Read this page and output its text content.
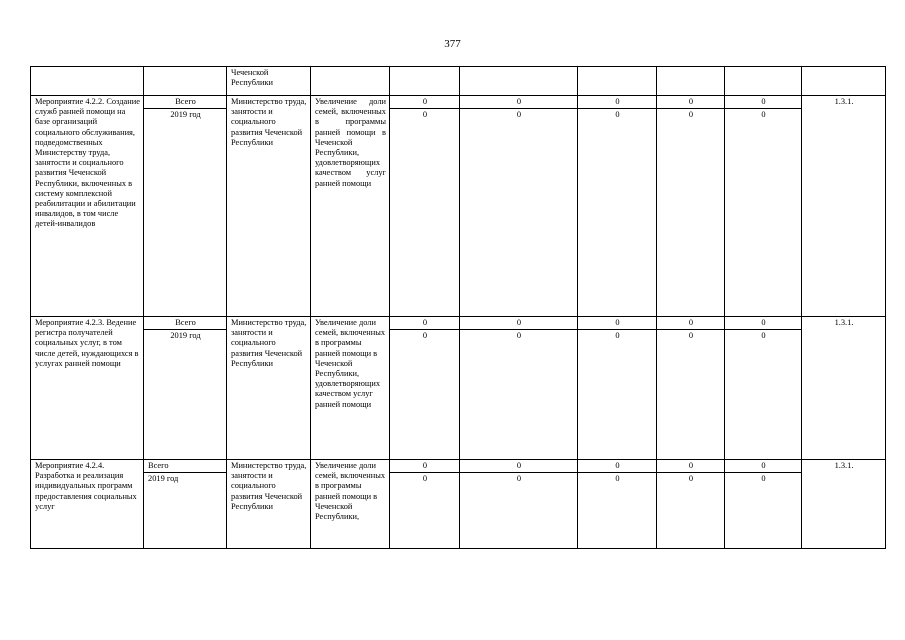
377
		Чеченской Республики							
Мероприятие 4.2.2. Создание служб ранней помощи на базе организаций социального обслуживания, подведомственных Министерству труда, занятости и социального развития Чеченской Республики, включенных в систему комплексной реабилитации и абилитации инвалидов, в том числе детей-инвалидов	Всего	Министерство труда, занятости и социального развития Чеченской Республики	Увеличение доли семей, включенных в программы ранней помощи в Чеченской Республики, удовлетворяющих качеством услуг ранней помощи	0	0	0	0	0	1.3.1.
	2019 год			0	0	0	0	0	
Мероприятие 4.2.3. Ведение регистра получателей социальных услуг, в том числе детей, нуждающихся в услугах ранней помощи	Всего	Министерство труда, занятости и социального развития Чеченской Республики	Увеличение доли семей, включенных в программы ранней помощи в Чеченской Республики, удовлетворяющих качеством услуг ранней помощи	0	0	0	0	0	1.3.1.
	2019 год			0	0	0	0	0	
Мероприятие 4.2.4. Разработка и реализация индивидуальных программ предоставления социальных услуг	Всего	Министерство труда, занятости и социального развития Чеченской Республики	Увеличение доли семей, включенных в программы ранней помощи в Чеченской Республики,	0	0	0	0	0	1.3.1.
	2019 год			0	0	0	0	0	
